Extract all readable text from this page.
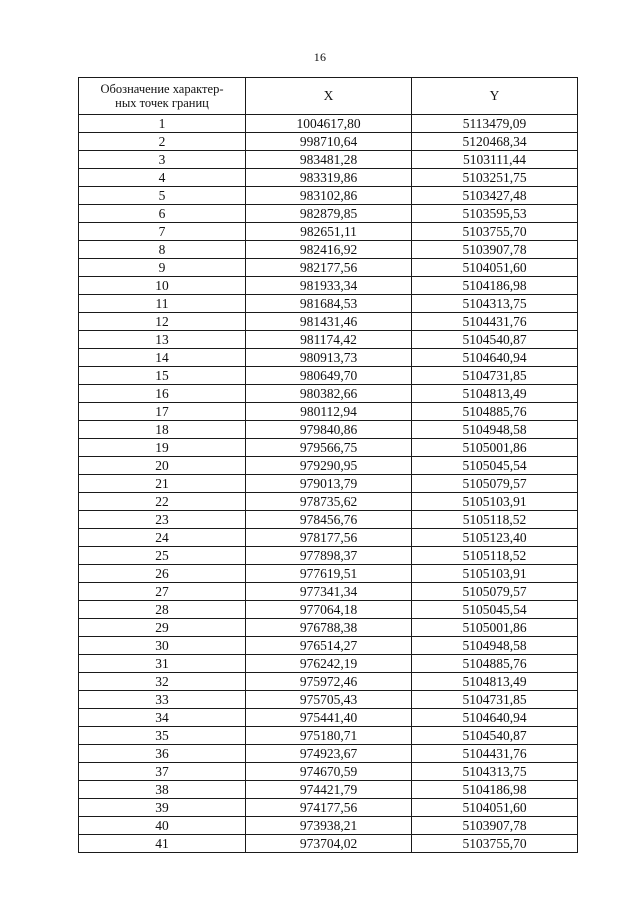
16
Обозначение характер-
ных точек границ	X	Y

1	1004617,80	5113479,09

2	998710,64	5120468,34

3	983481,28	5103111,44

4	983319,86	5103251,75

5	983102,86	5103427,48

6	982879,85	5103595,53

7	982651,11	5103755,70

8	982416,92	5103907,78

9	982177,56	5104051,60

10	981933,34	5104186,98

11	981684,53	5104313,75

12	981431,46	5104431,76

13	981174,42	5104540,87

14	980913,73	5104640,94

15	980649,70	5104731,85

16	980382,66	5104813,49

17	980112,94	5104885,76

18	979840,86	5104948,58

19	979566,75	5105001,86

20	979290,95	5105045,54

21	979013,79	5105079,57

22	978735,62	5105103,91

23	978456,76	5105118,52

24	978177,56	5105123,40

25	977898,37	5105118,52

26	977619,51	5105103,91

27	977341,34	5105079,57

28	977064,18	5105045,54

29	976788,38	5105001,86

30	976514,27	5104948,58

31	976242,19	5104885,76

32	975972,46	5104813,49

33	975705,43	5104731,85

34	975441,40	5104640,94

35	975180,71	5104540,87

36	974923,67	5104431,76

37	974670,59	5104313,75

38	974421,79	5104186,98

39	974177,56	5104051,60

40	973938,21	5103907,78

41	973704,02	5103755,70
